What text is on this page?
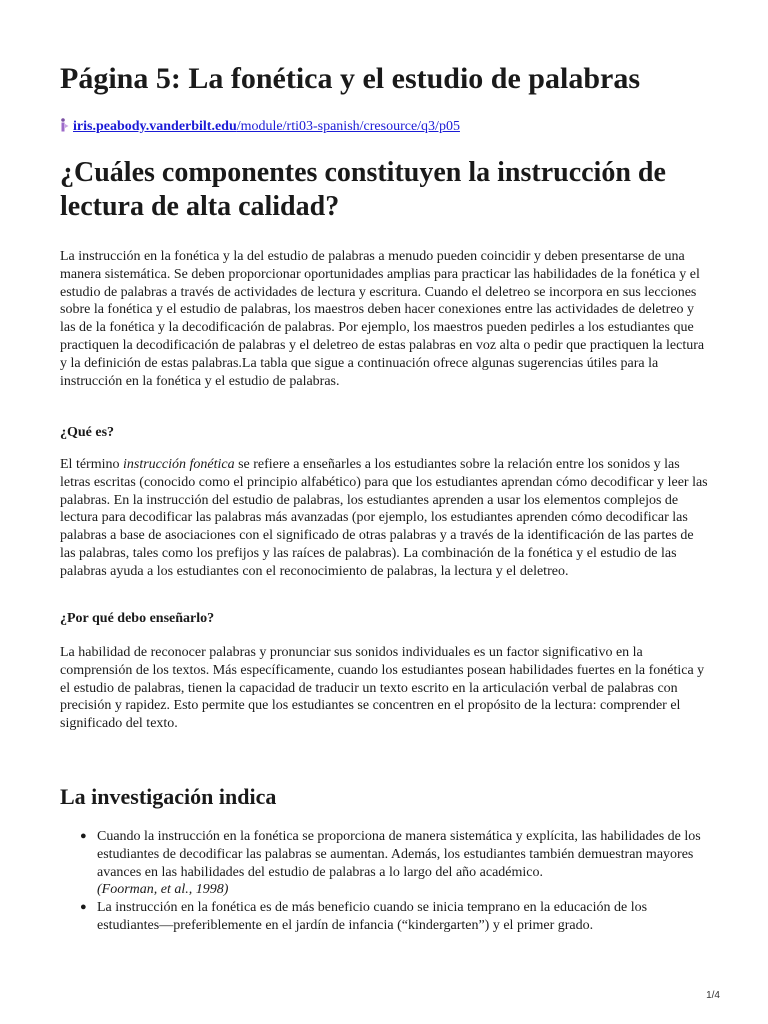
Página 5: La fonética y el estudio de palabras
iris.peabody.vanderbilt.edu/module/rti03-spanish/cresource/q3/p05
¿Cuáles componentes constituyen la instrucción de lectura de alta calidad?

La instrucción en la fonética y la del estudio de palabras a menudo pueden coincidir y deben presentarse de una manera sistemática. Se deben proporcionar oportunidades amplias para practicar las habilidades de la fonética y el estudio de palabras a través de actividades de lectura y escritura. Cuando el deletreo se incorpora en sus lecciones sobre la fonética y el estudio de palabras, los maestros deben hacer conexiones entre las actividades de deletreo y las de la fonética y la decodificación de palabras. Por ejemplo, los maestros pueden pedirles a los estudiantes que practiquen la decodificación de palabras y el deletreo de estas palabras en voz alta o pedir que practiquen la lectura y la definición de estas palabras.La tabla que sigue a continuación ofrece algunas sugerencias útiles para la instrucción en la fonética y el estudio de palabras.

¿Qué es?

El término instrucción fonética se refiere a enseñarles a los estudiantes sobre la relación entre los sonidos y las letras escritas (conocido como el principio alfabético) para que los estudiantes aprendan cómo decodificar y leer las palabras. En la instrucción del estudio de palabras, los estudiantes aprenden a usar los elementos complejos de lectura para decodificar las palabras más avanzadas (por ejemplo, los estudiantes aprenden cómo decodificar las palabras a base de asociaciones con el significado de otras palabras y a través de la identificación de las partes de las palabras, tales como los prefijos y las raíces de palabras). La combinación de la fonética y el estudio de las palabras ayuda a los estudiantes con el reconocimiento de palabras, la lectura y el deletreo.

¿Por qué debo enseñarlo?

La habilidad de reconocer palabras y pronunciar sus sonidos individuales es un factor significativo en la comprensión de los textos. Más específicamente, cuando los estudiantes posean habilidades fuertes en la fonética y el estudio de palabras, tienen la capacidad de traducir un texto escrito en la articulación verbal de palabras con precisión y rapidez. Esto permite que los estudiantes se concentren en el propósito de la lectura: comprender el significado del texto.

La investigación indica
● Cuando la instrucción en la fonética se proporciona de manera sistemática y explícita, las habilidades de los estudiantes de decodificar las palabras se aumentan. Además, los estudiantes también demuestran mayores avances en las habilidades del estudio de palabras a lo largo del año académico.
(Foorman, et al., 1998)
● La instrucción en la fonética es de más beneficio cuando se inicia temprano en la educación de los estudiantes—preferiblemente en el jardín de infancia (“kindergarten”) y el primer grado.
1/4
